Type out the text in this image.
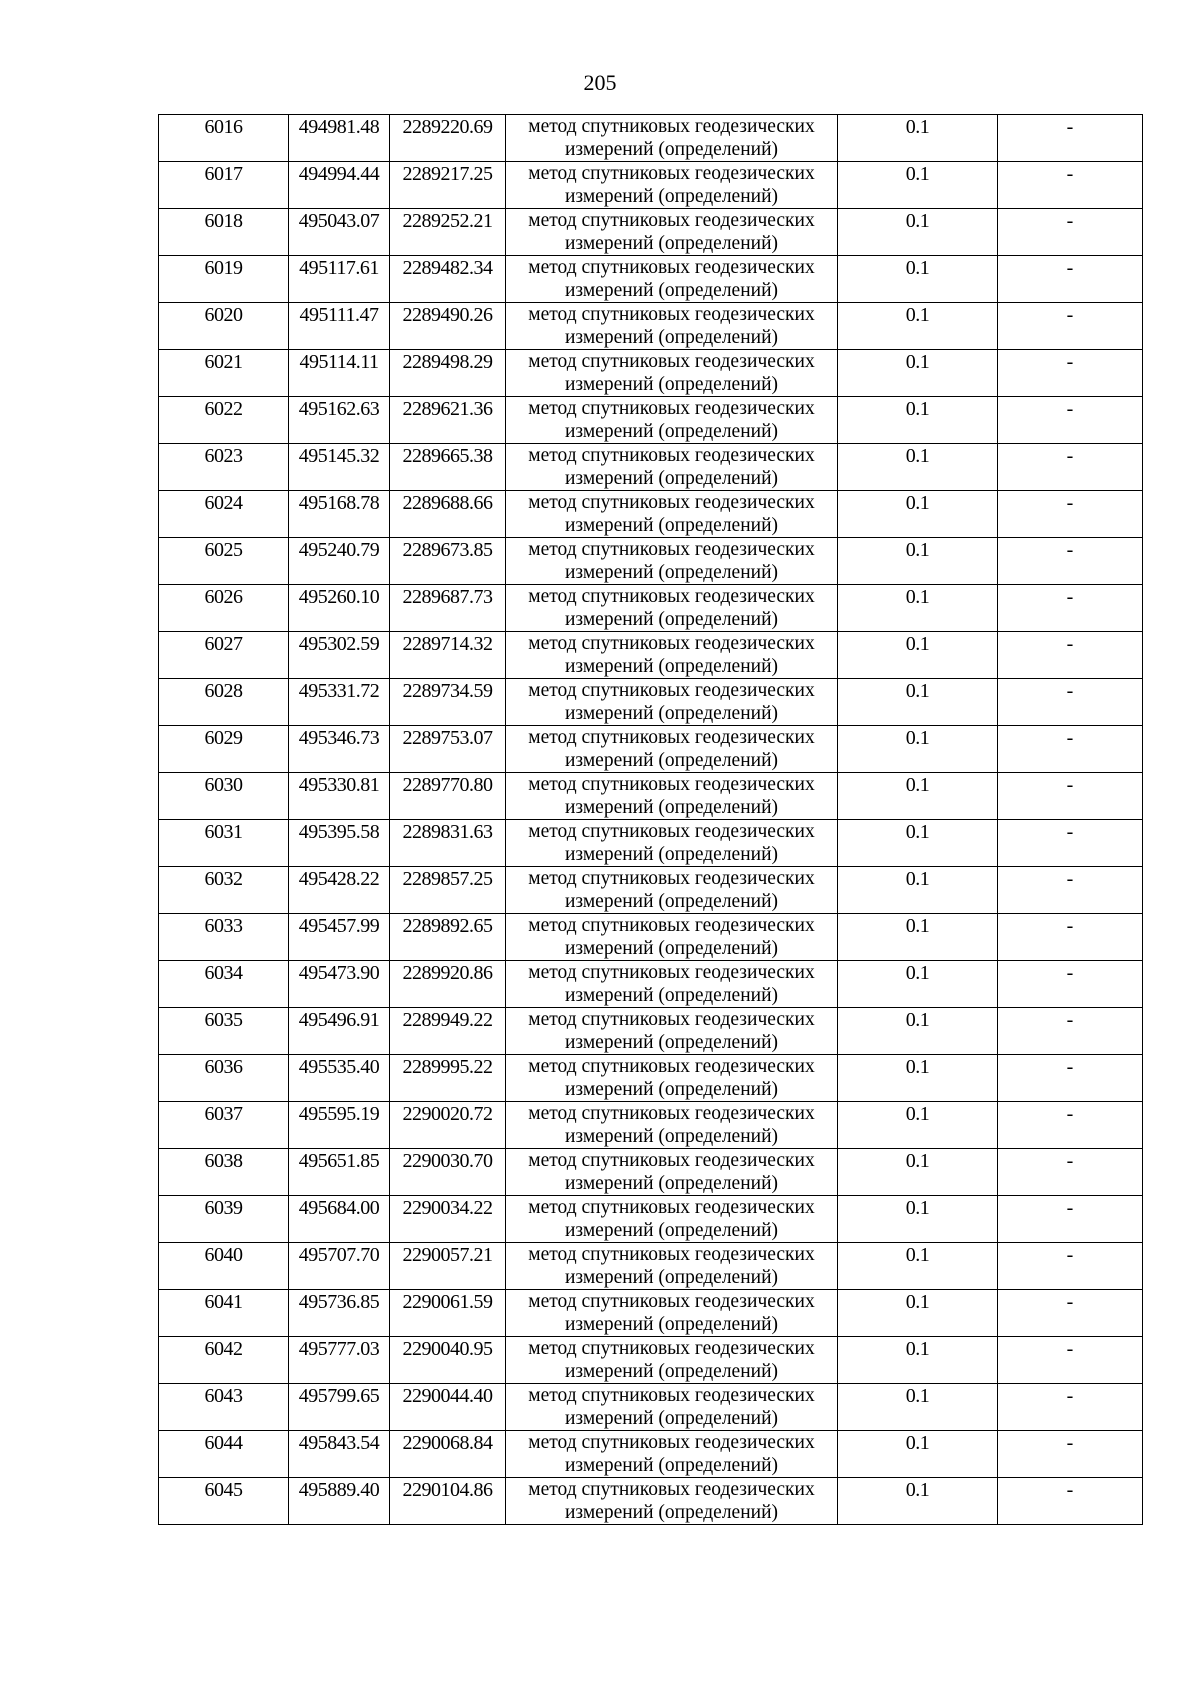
205
6016	494981.48	2289220.69	метод спутниковых геодезических
измерений (определений)	0.1	-
6017	494994.44	2289217.25	метод спутниковых геодезических
измерений (определений)	0.1	-
6018	495043.07	2289252.21	метод спутниковых геодезических
измерений (определений)	0.1	-
6019	495117.61	2289482.34	метод спутниковых геодезических
измерений (определений)	0.1	-
6020	495111.47	2289490.26	метод спутниковых геодезических
измерений (определений)	0.1	-
6021	495114.11	2289498.29	метод спутниковых геодезических
измерений (определений)	0.1	-
6022	495162.63	2289621.36	метод спутниковых геодезических
измерений (определений)	0.1	-
6023	495145.32	2289665.38	метод спутниковых геодезических
измерений (определений)	0.1	-
6024	495168.78	2289688.66	метод спутниковых геодезических
измерений (определений)	0.1	-
6025	495240.79	2289673.85	метод спутниковых геодезических
измерений (определений)	0.1	-
6026	495260.10	2289687.73	метод спутниковых геодезических
измерений (определений)	0.1	-
6027	495302.59	2289714.32	метод спутниковых геодезических
измерений (определений)	0.1	-
6028	495331.72	2289734.59	метод спутниковых геодезических
измерений (определений)	0.1	-
6029	495346.73	2289753.07	метод спутниковых геодезических
измерений (определений)	0.1	-
6030	495330.81	2289770.80	метод спутниковых геодезических
измерений (определений)	0.1	-
6031	495395.58	2289831.63	метод спутниковых геодезических
измерений (определений)	0.1	-
6032	495428.22	2289857.25	метод спутниковых геодезических
измерений (определений)	0.1	-
6033	495457.99	2289892.65	метод спутниковых геодезических
измерений (определений)	0.1	-
6034	495473.90	2289920.86	метод спутниковых геодезических
измерений (определений)	0.1	-
6035	495496.91	2289949.22	метод спутниковых геодезических
измерений (определений)	0.1	-
6036	495535.40	2289995.22	метод спутниковых геодезических
измерений (определений)	0.1	-
6037	495595.19	2290020.72	метод спутниковых геодезических
измерений (определений)	0.1	-
6038	495651.85	2290030.70	метод спутниковых геодезических
измерений (определений)	0.1	-
6039	495684.00	2290034.22	метод спутниковых геодезических
измерений (определений)	0.1	-
6040	495707.70	2290057.21	метод спутниковых геодезических
измерений (определений)	0.1	-
6041	495736.85	2290061.59	метод спутниковых геодезических
измерений (определений)	0.1	-
6042	495777.03	2290040.95	метод спутниковых геодезических
измерений (определений)	0.1	-
6043	495799.65	2290044.40	метод спутниковых геодезических
измерений (определений)	0.1	-
6044	495843.54	2290068.84	метод спутниковых геодезических
измерений (определений)	0.1	-
6045	495889.40	2290104.86	метод спутниковых геодезических
измерений (определений)	0.1	-
